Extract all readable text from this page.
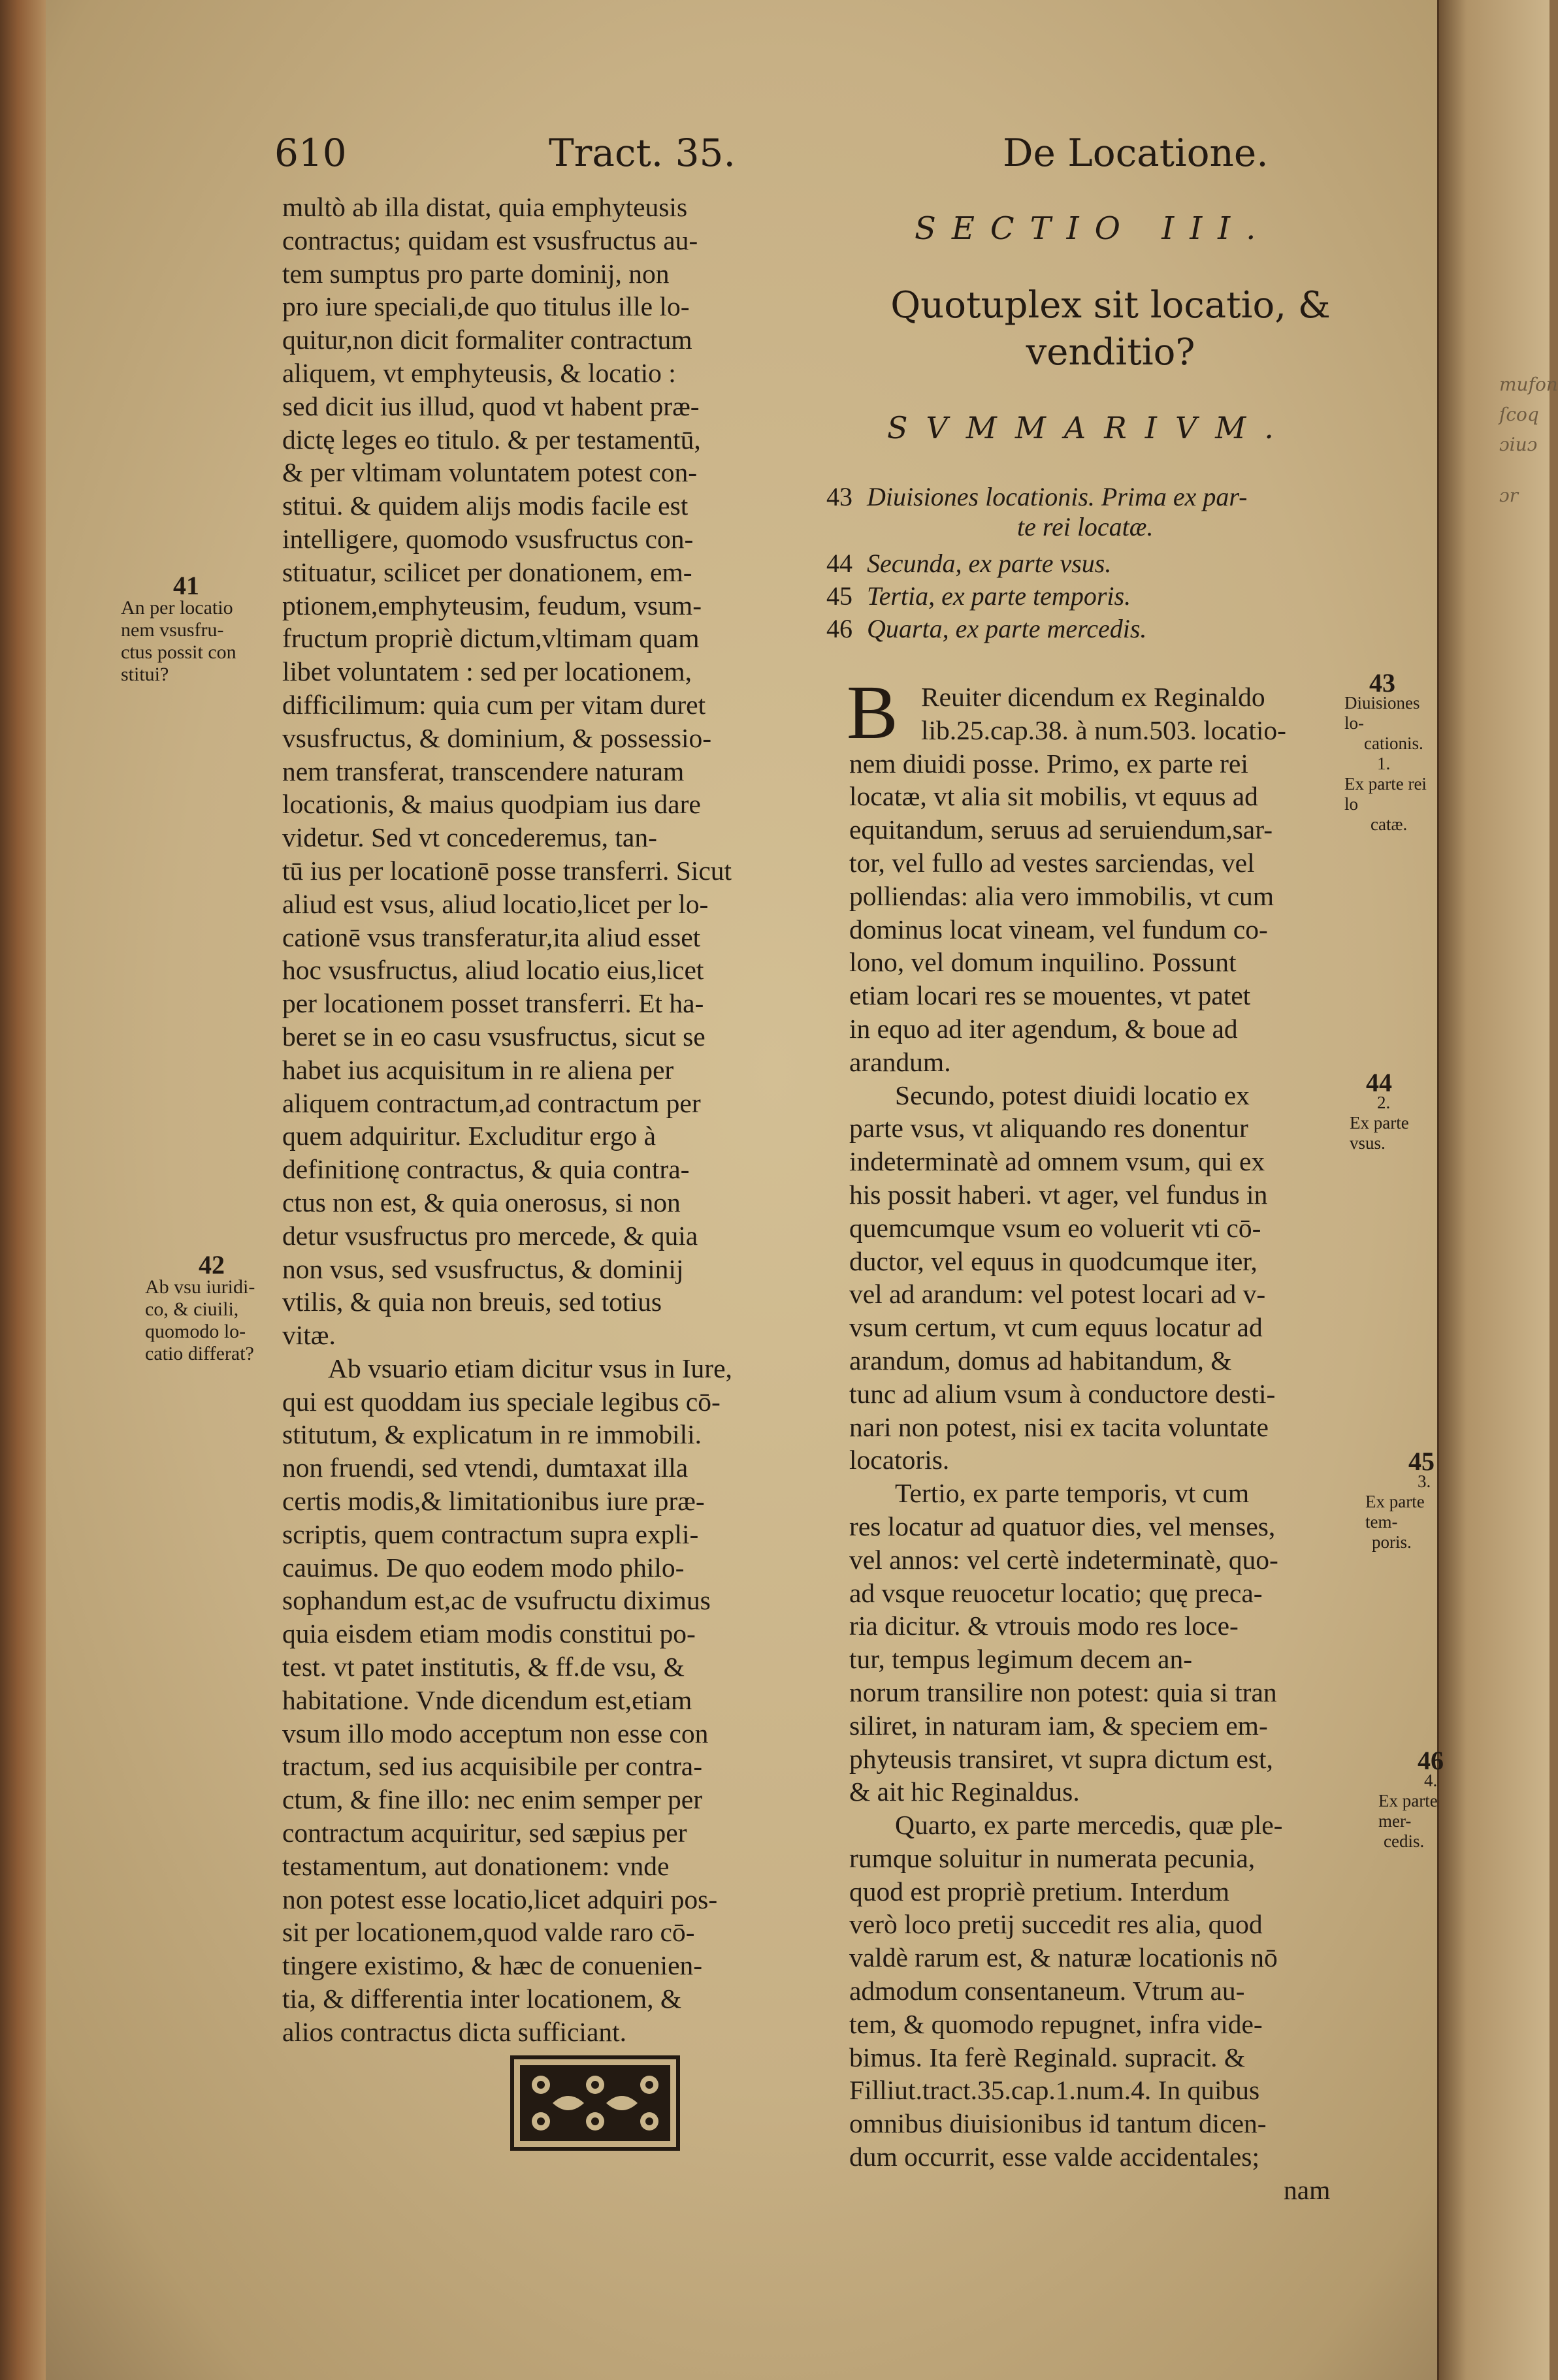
mufon
ſcoq
ɔiuɔ
ɔr
610	Tract. 35.	De Locatione.
multò ab illa distat, quia emphyteusis
contractus; quidam est vsusfructus au-
tem sumptus pro parte dominij, non
pro iure speciali,de quo titulus ille lo-
quitur,non dicit formaliter contractum
aliquem, vt emphyteusis, & locatio :
sed dicit ius illud, quod vt habent præ-
dictę leges eo titulo. & per testamentū,
& per vltimam voluntatem potest con-
stitui. & quidem alijs modis facile est
intelligere, quomodo vsusfructus con-
stituatur, scilicet per donationem, em-
ptionem,emphyteusim, feudum, vsum-
fructum propriè dictum,vltimam quam
libet voluntatem : sed per locationem,
difficilimum: quia cum per vitam duret
vsusfructus, & dominium, & possessio-
nem transferat, transcendere naturam
locationis, & maius quodpiam ius dare
videtur. Sed vt concederemus, tan-
tū ius per locationē posse transferri. Sicut
aliud est vsus, aliud locatio,licet per lo-
cationē vsus transferatur,ita aliud esset
hoc vsusfructus, aliud locatio eius,licet
per locationem posset transferri. Et ha-
beret se in eo casu vsusfructus, sicut se
habet ius acquisitum in re aliena per
aliquem contractum,ad contractum per
quem adquiritur. Excluditur ergo à
definitionę contractus, & quia contra-
ctus non est, & quia onerosus, si non
detur vsusfructus pro mercede, & quia
non vsus, sed vsusfructus, & dominij
vtilis, & quia non breuis, sed totius
vitæ.
Ab vsuario etiam dicitur vsus in Iure,
qui est quoddam ius speciale legibus cō-
stitutum, & explicatum in re immobili.
non fruendi, sed vtendi, dumtaxat illa
certis modis,& limitationibus iure præ-
scriptis, quem contractum supra expli-
cauimus. De quo eodem modo philo-
sophandum est,ac de vsufructu diximus
quia eisdem etiam modis constitui po-
test. vt patet institutis, & ff.de vsu, &
habitatione. Vnde dicendum est,etiam
vsum illo modo acceptum non esse con
tractum, sed ius acquisibile per contra-
ctum, & fine illo: nec enim semper per
contractum acquiritur, sed sæpius per
testamentum, aut donationem: vnde
non potest esse locatio,licet adquiri pos-
sit per locationem,quod valde raro cō-
tingere existimo, & hæc de conuenien-
tia, & differentia inter locationem, &
alios contractus dicta sufficiant.
41
An per locatio
nem vsusfru-
ctus possit con
stitui?
42
Ab vsu iuridi-
co, & ciuili,
quomodo lo-
catio differat?
SECTIO III.
Quotuplex sit locatio, &
venditio?
SVMMARIVM.
43 Diuisiones locationis. Prima ex par-
te rei locatæ.
44 Secunda, ex parte vsus.
45 Tertia, ex parte temporis.
46 Quarta, ex parte mercedis.
B Reuiter dicendum ex Reginaldo
lib.25.cap.38. à num.503. locatio-
nem diuidi posse. Primo, ex parte rei
locatæ, vt alia sit mobilis, vt equus ad
equitandum, seruus ad seruiendum,sar-
tor, vel fullo ad vestes sarciendas, vel
polliendas: alia vero immobilis, vt cum
dominus locat vineam, vel fundum co-
lono, vel domum inquilino. Possunt
etiam locari res se mouentes, vt patet
in equo ad iter agendum, & boue ad
arandum.
Secundo, potest diuidi locatio ex
parte vsus, vt aliquando res donentur
indeterminatè ad omnem vsum, qui ex
his possit haberi. vt ager, vel fundus in
quemcumque vsum eo voluerit vti cō-
ductor, vel equus in quodcumque iter,
vel ad arandum: vel potest locari ad v-
vsum certum, vt cum equus locatur ad
arandum, domus ad habitandum, &
tunc ad alium vsum à conductore desti-
nari non potest, nisi ex tacita voluntate
locatoris.
Tertio, ex parte temporis, vt cum
res locatur ad quatuor dies, vel menses,
vel annos: vel certè indeterminatè, quo-
ad vsque reuocetur locatio; quę preca-
ria dicitur. & vtrouis modo res loce-
tur, tempus legimum decem an-
norum transilire non potest: quia si tran
siliret, in naturam iam, & speciem em-
phyteusis transiret, vt supra dictum est,
& ait hic Reginaldus.
Quarto, ex parte mercedis, quæ ple-
rumque soluitur in numerata pecunia,
quod est propriè pretium. Interdum
verò loco pretij succedit res alia, quod
valdè rarum est, & naturæ locationis nō
admodum consentaneum. Vtrum au-
tem, & quomodo repugnet, infra vide-
bimus. Ita ferè Reginald. supracit. &
Filliut.tract.35.cap.1.num.4. In quibus
omnibus diuisionibus id tantum dicen-
dum occurrit, esse valde accidentales;
nam
43
Diuisiones lo-
cationis.
1.
Ex parte rei lo
catæ.
44
2.
Ex parte vsus.
45
3.
Ex parte tem-
poris.
46
4.
Ex parte mer-
cedis.
